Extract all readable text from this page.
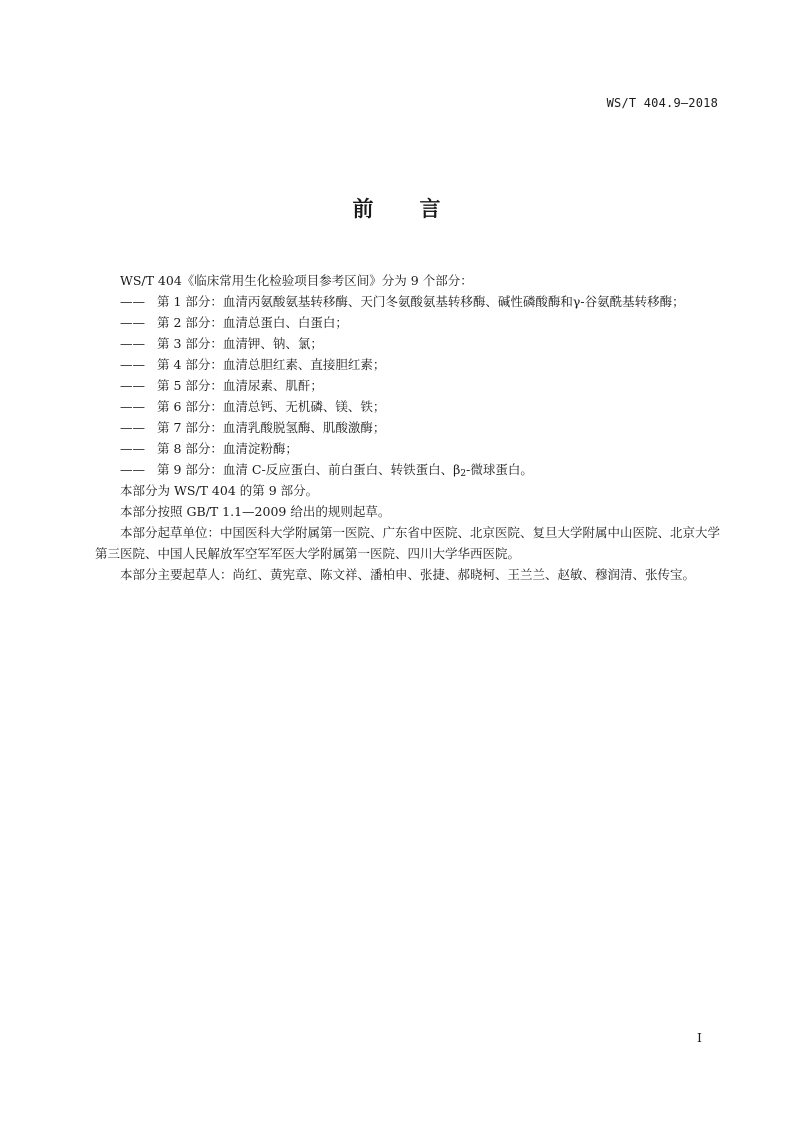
WS/T 404.9—2018
前 言

WS/T 404《临床常用生化检验项目参考区间》分为 9 个部分：

—— 第 1 部分：血清丙氨酸氨基转移酶、天门冬氨酸氨基转移酶、碱性磷酸酶和γ-谷氨酰基转移酶；
—— 第 2 部分：血清总蛋白、白蛋白；
—— 第 3 部分：血清钾、钠、氯；
—— 第 4 部分：血清总胆红素、直接胆红素；
—— 第 5 部分：血清尿素、肌酐；
—— 第 6 部分：血清总钙、无机磷、镁、铁；
—— 第 7 部分：血清乳酸脱氢酶、肌酸激酶；
—— 第 8 部分：血清淀粉酶；
—— 第 9 部分：血清 C-反应蛋白、前白蛋白、转铁蛋白、$\beta_2-$微球蛋白。

本部分为 WS/T 404 的第 9 部分。

本部分按照 GB/T 1.1—2009 给出的规则起草。

本部分起草单位：中国医科大学附属第一医院、广东省中医院、北京医院、复旦大学附属中山医院、北京大学第三医院、中国人民解放军空军军医大学附属第一医院、四川大学华西医院。

本部分主要起草人：尚红、黄宪章、陈文祥、潘柏申、张捷、郝晓柯、王兰兰、赵敏、穆润清、张传宝。

I
